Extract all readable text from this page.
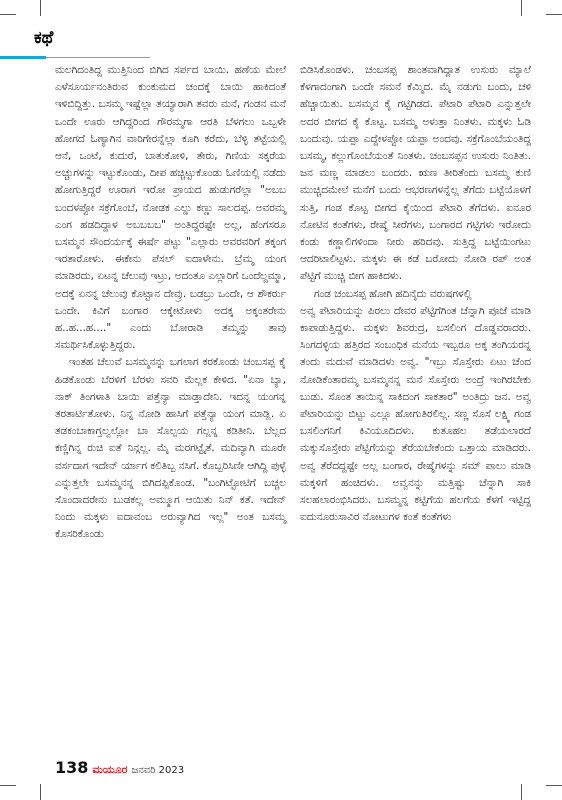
ಕಥೆ

ಮಲಗಿದಂತಿದ್ದ ಮುತ್ತಿನಿಂದ ಬಿಗಿದ ಸರ್ಪದ ಬಾಯಿ. ಹಣೆಯ ಮೇಲೆ ಎಳೆಸೂರ್ಯನಂತಿರುವ ಕುಂಕುಮದ ಚಂದಕ್ಕೆ ಬಾಯಿ ಹಾಕಿದಂತೆ ಇಳಿಬಿದ್ದಿತ್ತು. ಬಸಮ್ಮ ಇಷ್ಟೆಲ್ಲಾ ತಯ್ಯಾರಾಗಿ ತವರು ಮನೆ, ಗಂಡನ ಮನೆ ಒಂದೇ ಊರು ಆಗಿದ್ದರಿಂದ ಗೌರಮ್ಮಗಾ ಆರತಿ ಬೆಳಗಲು ಒಬ್ಬಳೇ ಹೋಗದೆ ಓಣ್ಯಾಗಿನ ವಾರಿಗೇರನ್ನೆಲ್ಲಾ ಕೂಗಿ ಕರೆದು, ಬೆಳ್ಳಿ ತಟ್ಟೆಯಲ್ಲಿ ಆನೆ, ಒಂಟೆ, ಕುದುರೆ, ಬಾತುಕೋಳಿ, ತೇರು, ಗಿಣಿಯ ಸಕ್ಕರೆಯ ಅಚ್ಚುಗಳನ್ನು ಇಟ್ಟುಕೊಂಡು, ದೀಪ ಹಚ್ಚಿಟ್ಟುಕೊಂಡು ಓಣಿಯಲ್ಲಿ ನಡೆದು ಹೋಗುತ್ತಿದ್ದರೆ ಊರಾಗ ಇರೋ ಪ್ರಾಯದ ಹುಡುಗರೆಲ್ಲಾ "ಅಬಬ ಬಂದಳಪ್ಪೋ ಸಕ್ರೆಗೊಂಬೆ, ನೋಡಕ ಎಲ್ಡು ಕಣ್ಣು ಸಾಲದಪ್ಪ. ಅವರಮ್ಮ ಎಂಗ ಹಡದಿದ್ದಾಳ ಅಬಬಬಬ" ಅಂತಿದ್ದರಷ್ಟೇ ಅಲ್ಲ, ಹೆಂಗಸರೂ ಬಸಮ್ಮನ ಸೌಂದರ್ಯಕ್ಕೆ ಈರ್ಷೆ ಪಟ್ಟು "ಎಲ್ಲಾರು ಅವರವರಿಗೆ ತಕ್ಕಂಗ ಇರತಾರೋಳು. ಈಕೇನು ಪೆಸಲ್ ಐದಾಳೇನು. ಬ್ರೆಮ್ಮ ಯಂಗ ಮಾಡಿರದು, ಏಟನ್ನ ಚೆಲುವು ಇಟ್ರು, ಅದಂತೂ ಎಲ್ಲಾರಿಗೆ ಒಂದೆಲ್ದಮ್ಮಾ, ಅದಕ್ಕೆ ಏನನ್ನ ಚೆಲುವು ಕೊಟ್ಟಾನ ದೇವ್ರು. ಬಡಬ್ರು ಒಂದೇ, ಆ ಶೌಕರ್ರು ಒಂದೇ. ಕಿವಿಗೆ ಬಂಗಾರ ಆಕ್ಕೇಟೋಳು ಅದಕ್ಕ ಅಕ್ಕಂತರೇನು ಹ..ಹ...ಹ...." ಎಂದು ಬೋರಾಡಿ ತಮ್ಮನ್ನು ತಾವು ಸಮರ್ಥಿಸಿಕೊಳ್ಳುತ್ತಿದ್ದರು.

ಇಂತಹ ಚೆಲುವೆ ಬಸಮ್ಮನನ್ನು ಬಗಲಾಗ ಕರಕೊಂಡು ಚಂಬಸಪ್ಪ ಕೈ ಹಿಡಕೊಂಡು ಬೆರಳಿಗೆ ಬೆರಳು ಸವರಿ ಮೆಲ್ಲಕ ಕೇಳಿದ. "ಏನಾ ಬ್ಯಾ, ನಾಕ್ ತಿಂಗಳಾತಿ ಬಾಯಿ ಪತ್ತೆನ್ಯಾ ಮಾಡ್ತಾದೇನಿ. ಇದನ್ನ ಯಂಗನ್ನ ತರತಾರ್ಟಿತೋಳು. ನಿನ್ನ ನೋಡಿ ಹಾಸಿಗೆ ಪತ್ತೆನ್ಯಾ ಯಂಗ ಮಾಡ್ಲಿ. ಏ ತಡಕಂಬಾಕಾಗ್ತಲ್ವಲ್ಲೋ ಬಾ ಸೊಲ್ಪಯ ಗಲ್ಲನ್ನ ಕಡಿತೀನಿ. ಬೆಲ್ಲದ ಕಣ್ಣಿಗಿನ್ನ ರುಚಿ ಐತೆ ನಿನ್ಗಲ್ಲ. ಮೈ ಮರಗಟ್ಟೈತೆ. ಮದಿವ್ಯಾಗಿ ಮೂರೇ ವರ್ಸದಾಗ ಇದೇನ್ ರ್ಯಾಗ ಕಲಿತಿಬ್ಬ ನಸಿಗೆ. ಕೊಬ್ಬರಿಸಿಣೀ ಆಗಿದ್ದಿ ಪುಳ್ಳೆ ಎನ್ನುತ್ತಲೇ ಬಸಮ್ಮನನ್ನ ಬಿಗಿದಪ್ಪಿಕೊಂಡ. "ಬಂಗಿಟ್ಟೋಟಿಗೆ ಬಚ್ಚಲ ಸೊಂದಾದರೇನು ಬುಡಕಲ್ಲ ಅಮ್ಮೂಗ ಆಯಿತು ನಿನ್ ಕತೆ. ಇದೇನ್ ನಿಂದು ಮಕ್ಕಳು ಐದಾವಂಬ ಅರುವ್ಯಾಗಿದ ಇಲ್ಲ" ಅಂತ ಬಸಮ್ಮ ಕೊಸರಿಕೊಂಡು

ಬಿಡಿಸಿಕೊಂಡಳು. ಚಂಬಸಪ್ಪ ಶಾಂತವಾಗಿದ್ದಾತ ಉಸುರು ಮ್ಯಾಲೆ ಕೆಳಗಾದಂಗಾಗಿ ಒಂದೇ ಸಮನೆ ಕೆಮ್ಮಿದ. ಮೈ ನಡುಗು ಬಂದು, ಚಳಿ ಹೆಚ್ಚಾಯಿತು. ಬಸಮ್ಮನ ಕೈ ಗಟ್ಟಿಗಿಡದ. ಪೆಟಾರಿ ಪೆಟಾರಿ ಎನ್ನುತ್ತಲೇ ಅದರ ಬೀಗದ ಕೈ ಕೊಟ್ಟ. ಬಸಮ್ಮ ಅಳುತ್ತಾ ನಿಂತಳು. ಮಕ್ಕಳು ಓಡಿ ಬಂದುವು. ಯಪ್ಪಾ ಎದ್ದೇಳಪ್ಪೋ ಯಪ್ಪಾ ಅಂದವು. ಸಕ್ರೆಗೊಂಬೆಯಂತಿದ್ದ ಬಸಮ್ಮ, ಕಲ್ಲುಗೊಂಬೆಯಂತೆ ನಿಂತಳು. ಚಂಬಸಪ್ಪನ ಉಸುರು ನಿಂತಿತು. ಜನ ಮಣ್ಣ ಮಾಡಲು ಬಂದರು. ಋಣ ತೀರಿತೆಂದು ಬಸಮ್ಮ ಕುಣಿ ಮುಚ್ಚಿದಮೇಲೆ ಮನೆಗೆ ಬಂದು ಆಭರಣಗಳನ್ನೆಲ್ಲ ತೆಗೆದು ಬಟ್ಟೆಯೊಳಗೆ ಸುತ್ತಿ, ಗಂಡ ಕೊಟ್ಟ ಬೀಗದ ಕೈಯಿಂದ ಪೆಟಾರಿ ತೆಗೆದಳು. ಐನೂರ ನೋಟಿನ ಕಂತೆಗಳು, ರೇಷ್ಮೆ ಸೀರೆಗಳು, ಬಂಗಾರದ ಗಟ್ಟಿಗಳು ಇರೋದು ಕಂಡು ಕಣ್ಣಾಲಿಗಳಿಂದಾ ನೀರು ಹರಿದವು. ಸುತ್ತಿದ್ದ ಬಟ್ಟೆಯಿಂಗಟು ಆದರಿಟಾಲಿಟ್ಟಳು. ಮಕ್ಕಳು ಈ ಕಡೆ ಬರೋದು ನೋಡಿ ರಪ್ ಅಂತ ಪೆಟ್ಟಿಗೆ ಮುಚ್ಚಿ ಬೀಗ ಹಾಕಿದಳು.

ಗಂಡ ಚಂಬಸಪ್ಪ ಹೋಗಿ ಹದಿನೈದು ವರುಷಗಳಲ್ಲಿ

ಅವ್ವ ಪೆಟಾರಿಯನ್ನು ಪಿರಲು ದೇವರ ಪೆಟ್ಟಿಗೆಗಿಂತ ಚೆನ್ನಾಗಿ ಪೂಜೆ ಮಾಡಿ ಕಾಪಾಡುತ್ತಿದ್ದಳು. ಮಕ್ಕಳು ಶಿವರುದ್ರ, ಬಸಲಿಂಗ ದೊಡ್ಡವರಾದರು. ಸಿಂಗದಳ್ಳಿಯ ಹತ್ತಿರದ ಸಂಬಂಧಿಕ ಮನೆಯ ಇಬ್ಬರೂ ಅಕ್ಕ ತಂಗಿಯರನ್ನ ತಂದು ಮದುವೆ ಮಾಡಿದಳು ಅವ್ವ. "ಇಬ್ರು ಸೊಸ್ತೇರು ಏಟು ಚೆಂದ ನೋಡಿಕೆಂತಾರಮ್ಮ ಬಸಮ್ಮನನ್ನ ಮನೆ ಸೊಸ್ತೇರು ಅಂದ್ರೆ ಇಂಗಿರಬೇಕು ಬುಡು. ಸೊಂತ ತಾಯಿನ್ನ ಸಾಕಿದಂಗ ಸಾಕತಾರ" ಅಂತಿದ್ರು ಜನ. ಅವ್ವ ಪೆಟಾರಿಯನ್ನು ಬಿಟ್ಟು ಎಲ್ಲೂ ಹೋಗುತಿರಲಿಲ್ಲ. ಸಣ್ಣ ಸೊಸೆ ಲಕ್ಷ್ಮಿ ಗಂಡ ಬಸಲಿಂಗನಿಗೆ ಕಿವಿಯೂದಿದಳು. ಕುತೂಹಲ ತಡೆಯಲಾರದೆ ಮಕ್ಕುಸೊಸ್ತೇರು ಪೆಟ್ಟಿಗೆಯನ್ನು ತೆರೆಯಬೇಕೆಂದು ಒತ್ತಾಯ ಮಾಡಿದರು. ಅವ್ವ ತೆರೆದದ್ದಷ್ಟೇ ಅಲ್ಲ ಬಂಗಾರ, ರೇಷ್ಮೆಗಳನ್ನು ಸಮ್ ಪಾಲು ಮಾಡಿ ಮಕ್ಕಳಿಗೆ ಹಂಚಿದಳು. ಅವ್ವನನ್ನು ಮತ್ತಿಷ್ಟು ಚೆನ್ನಾಗಿ ಸಾಕಿ ಸಲಹಲಾರಂಭಿಸಿದರು. ಬಸಮ್ಮನ್ನ ಕಟ್ಟಿಗೆಯ ಹಲಗೆಯ ಕೆಳಗೆ ಇಟ್ಟಿದ್ದ ಐದುನೂರುಸಾವಿರ ನೋಟುಗಳ ಕಂತೆ ಕಂತೆಗಳು

138 ಮಯೂರ ಜನವರಿ 2023
